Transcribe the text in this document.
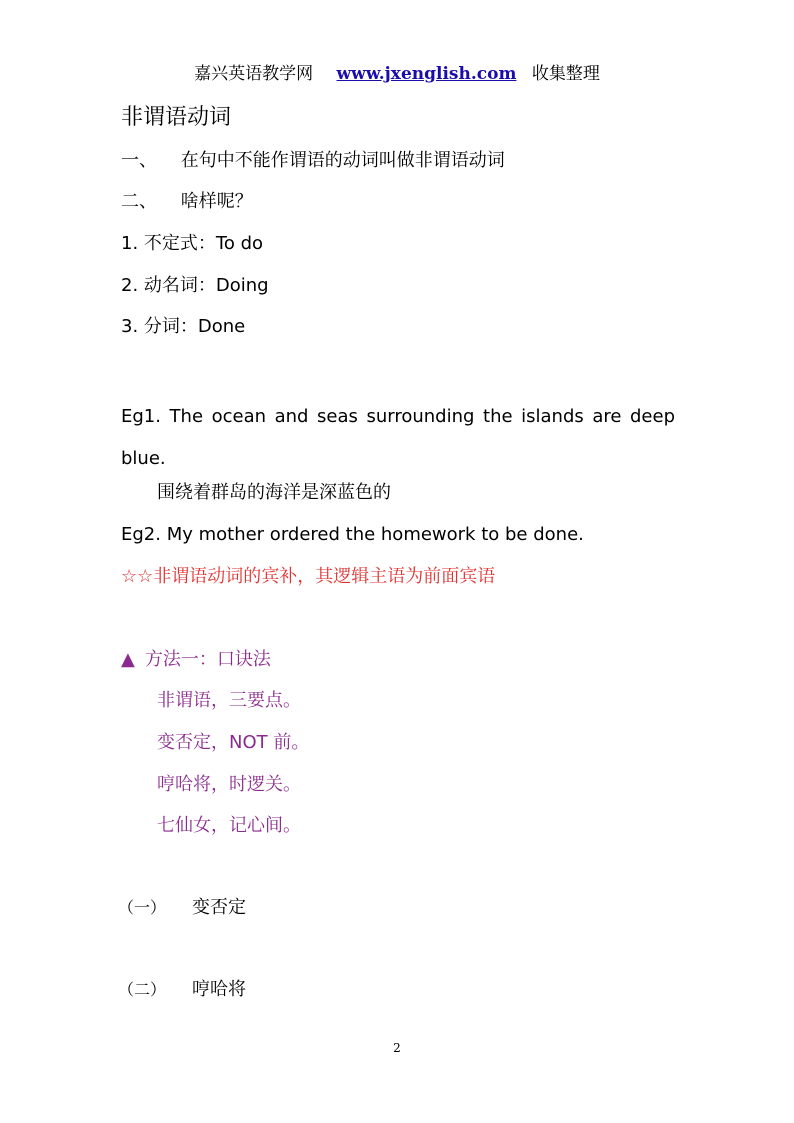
嘉兴英语教学网 www.jxenglish.com 收集整理
非谓语动词
一、 在句中不能作谓语的动词叫做非谓语动词
二、 啥样呢？
1. 不定式：To do
2. 动名词：Doing
3. 分词：Done
Eg1. The ocean and seas surrounding the islands are deep blue.
围绕着群岛的海洋是深蓝色的
Eg2. My mother ordered the homework to be done.
☆☆非谓语动词的宾补，其逻辑主语为前面宾语
▲ 方法一：口诀法
非谓语，三要点。
变否定，NOT 前。
哼哈将，时逻关。
七仙女，记心间。
（一） 变否定
（二） 哼哈将
2
